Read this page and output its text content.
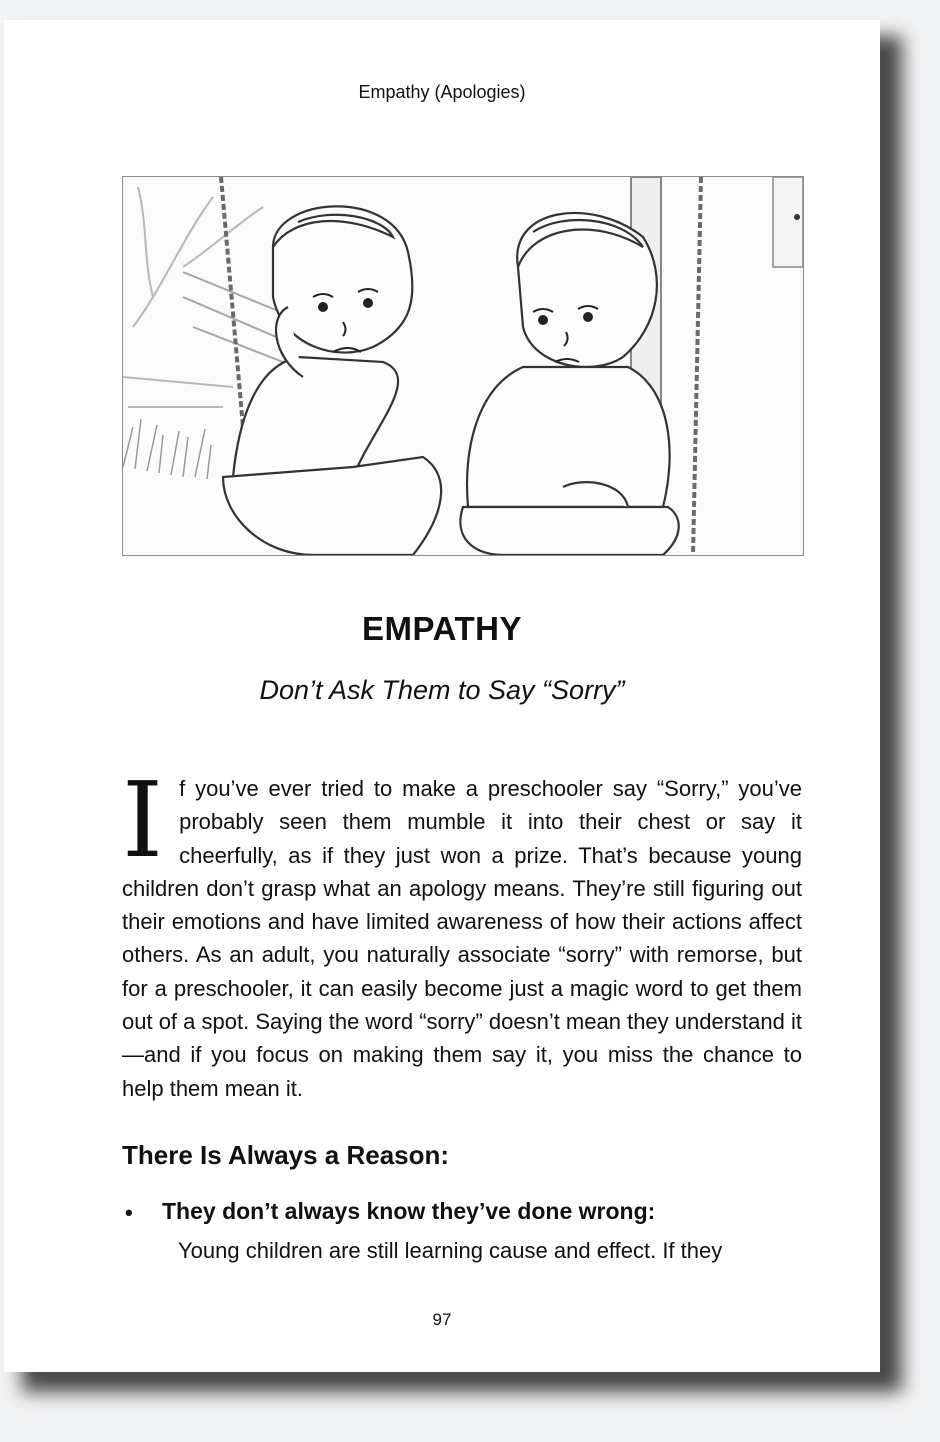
Empathy (Apologies)
EMPATHY
Don’t Ask Them to Say “Sorry”
I f you’ve ever tried to make a preschooler say “Sorry,” you’ve probably seen them mumble it into their chest or say it cheerfully, as if they just won a prize. That’s because young children don’t grasp what an apology means. They’re still figuring out their emotions and have limited awareness of how their actions affect others. As an adult, you naturally associate “sorry” with remorse, but for a preschooler, it can easily become just a magic word to get them out of a spot. Saying the word “sorry” doesn’t mean they understand it—and if you focus on making them say it, you miss the chance to help them mean it.
There Is Always a Reason:
• They don’t always know they’ve done wrong:
Young children are still learning cause and effect. If they
97
